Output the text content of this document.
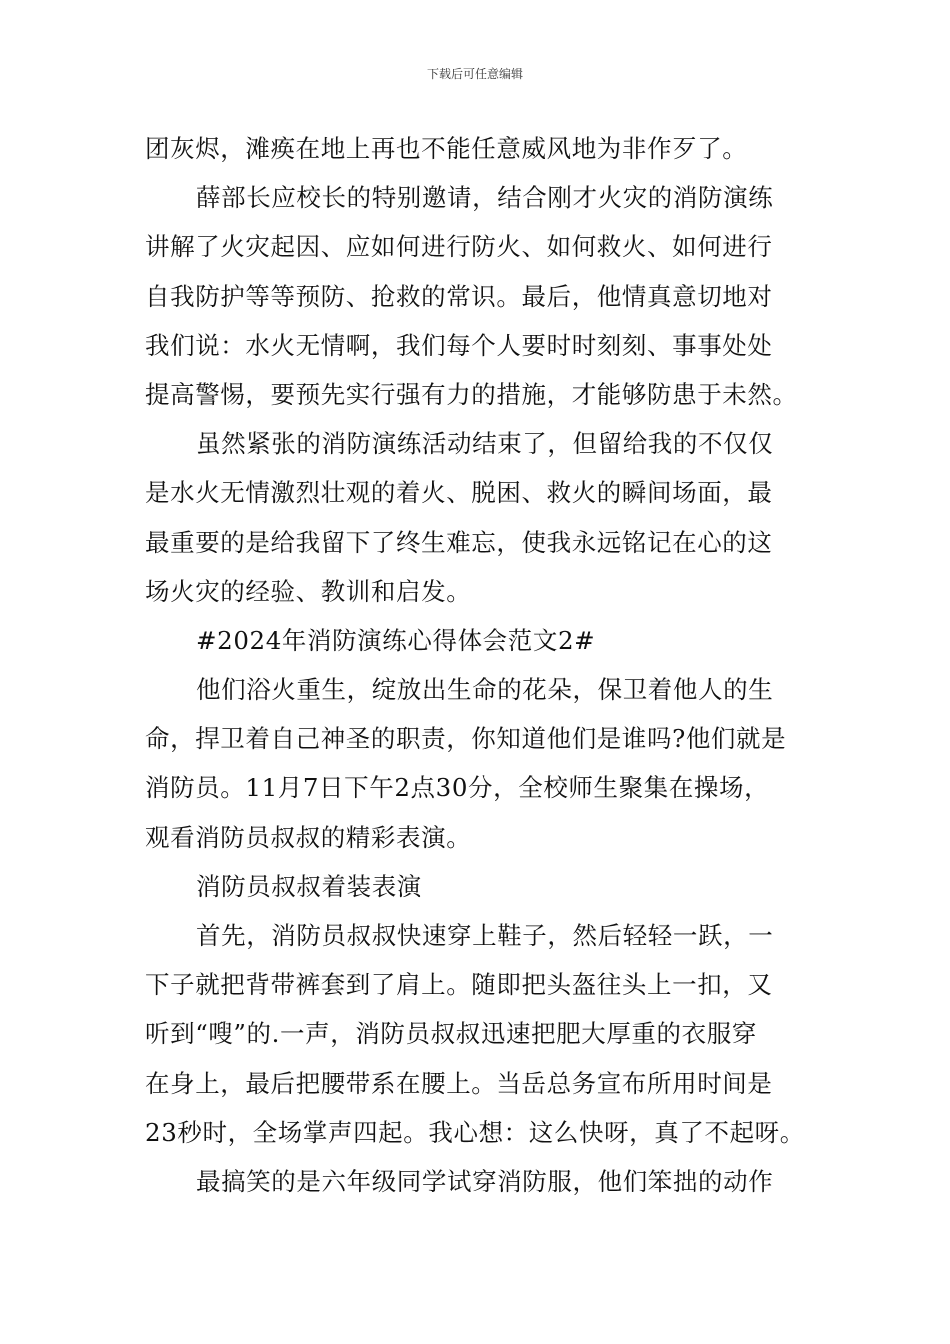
下载后可任意编辑
团灰烬，滩痪在地上再也不能任意威风地为非作歹了。
薛部长应校长的特别邀请，结合刚才火灾的消防演练
讲解了火灾起因、应如何进行防火、如何救火、如何进行
自我防护等等预防、抢救的常识。最后，他情真意切地对
我们说：水火无情啊，我们每个人要时时刻刻、事事处处
提高警惕，要预先实行强有力的措施，才能够防患于未然。
虽然紧张的消防演练活动结束了，但留给我的不仅仅
是水火无情激烈壮观的着火、脱困、救火的瞬间场面，最
最重要的是给我留下了终生难忘，使我永远铭记在心的这
场火灾的经验、教训和启发。
#2024年消防演练心得体会范文2#
他们浴火重生，绽放出生命的花朵，保卫着他人的生
命，捍卫着自己神圣的职责，你知道他们是谁吗?他们就是
消防员。11月7日下午2点30分，全校师生聚集在操场，
观看消防员叔叔的精彩表演。
消防员叔叔着装表演
首先，消防员叔叔快速穿上鞋子，然后轻轻一跃，一
下子就把背带裤套到了肩上。随即把头盔往头上一扣，又
听到“嗖”的.一声，消防员叔叔迅速把肥大厚重的衣服穿
在身上，最后把腰带系在腰上。当岳总务宣布所用时间是
23秒时，全场掌声四起。我心想：这么快呀，真了不起呀。
最搞笑的是六年级同学试穿消防服，他们笨拙的动作
